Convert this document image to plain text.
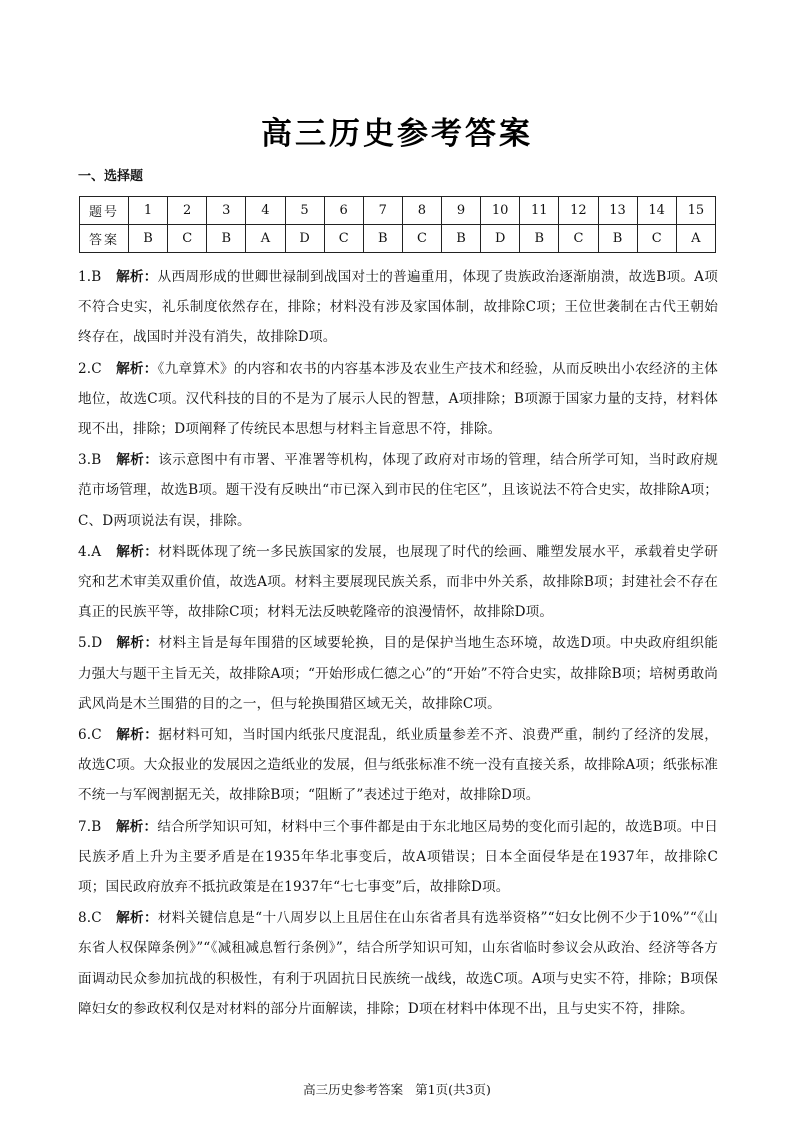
高三历史参考答案
一、选择题
题号	1	2	3	4	5	6	7	8	9	10	11	12	13	14	15
答案	B	C	B	A	D	C	B	C	B	D	B	C	B	C	A
1.B 解析：从西周形成的世卿世禄制到战国对士的普遍重用，体现了贵族政治逐渐崩溃，故选B项。A项不符合史实，礼乐制度依然存在，排除；材料没有涉及家国体制，故排除C项；王位世袭制在古代王朝始终存在，战国时并没有消失，故排除D项。
2.C 解析：《九章算术》的内容和农书的内容基本涉及农业生产技术和经验，从而反映出小农经济的主体地位，故选C项。汉代科技的目的不是为了展示人民的智慧，A项排除；B项源于国家力量的支持，材料体现不出，排除；D项阐释了传统民本思想与材料主旨意思不符，排除。
3.B 解析：该示意图中有市署、平准署等机构，体现了政府对市场的管理，结合所学可知，当时政府规范市场管理，故选B项。题干没有反映出“市已深入到市民的住宅区”，且该说法不符合史实，故排除A项；C、D两项说法有误，排除。
4.A 解析：材料既体现了统一多民族国家的发展，也展现了时代的绘画、雕塑发展水平，承载着史学研究和艺术审美双重价值，故选A项。材料主要展现民族关系，而非中外关系，故排除B项；封建社会不存在真正的民族平等，故排除C项；材料无法反映乾隆帝的浪漫情怀，故排除D项。
5.D 解析：材料主旨是每年围猎的区域要轮换，目的是保护当地生态环境，故选D项。中央政府组织能力强大与题干主旨无关，故排除A项；“开始形成仁德之心”的“开始”不符合史实，故排除B项；培树勇敢尚武风尚是木兰围猎的目的之一，但与轮换围猎区域无关，故排除C项。
6.C 解析：据材料可知，当时国内纸张尺度混乱，纸业质量参差不齐、浪费严重，制约了经济的发展，故选C项。大众报业的发展因之造纸业的发展，但与纸张标准不统一没有直接关系，故排除A项；纸张标准不统一与军阀割据无关，故排除B项；“阻断了”表述过于绝对，故排除D项。
7.B 解析：结合所学知识可知，材料中三个事件都是由于东北地区局势的变化而引起的，故选B项。中日民族矛盾上升为主要矛盾是在1935年华北事变后，故A项错误；日本全面侵华是在1937年，故排除C项；国民政府放弃不抵抗政策是在1937年“七七事变”后，故排除D项。
8.C 解析：材料关键信息是“十八周岁以上且居住在山东省者具有选举资格”“妇女比例不少于10%”“《山东省人权保障条例》”“《减租减息暂行条例》”，结合所学知识可知，山东省临时参议会从政治、经济等各方面调动民众参加抗战的积极性，有利于巩固抗日民族统一战线，故选C项。A项与史实不符，排除；B项保障妇女的参政权利仅是对材料的部分片面解读，排除；D项在材料中体现不出，且与史实不符，排除。
高三历史参考答案 第1页(共3页)
